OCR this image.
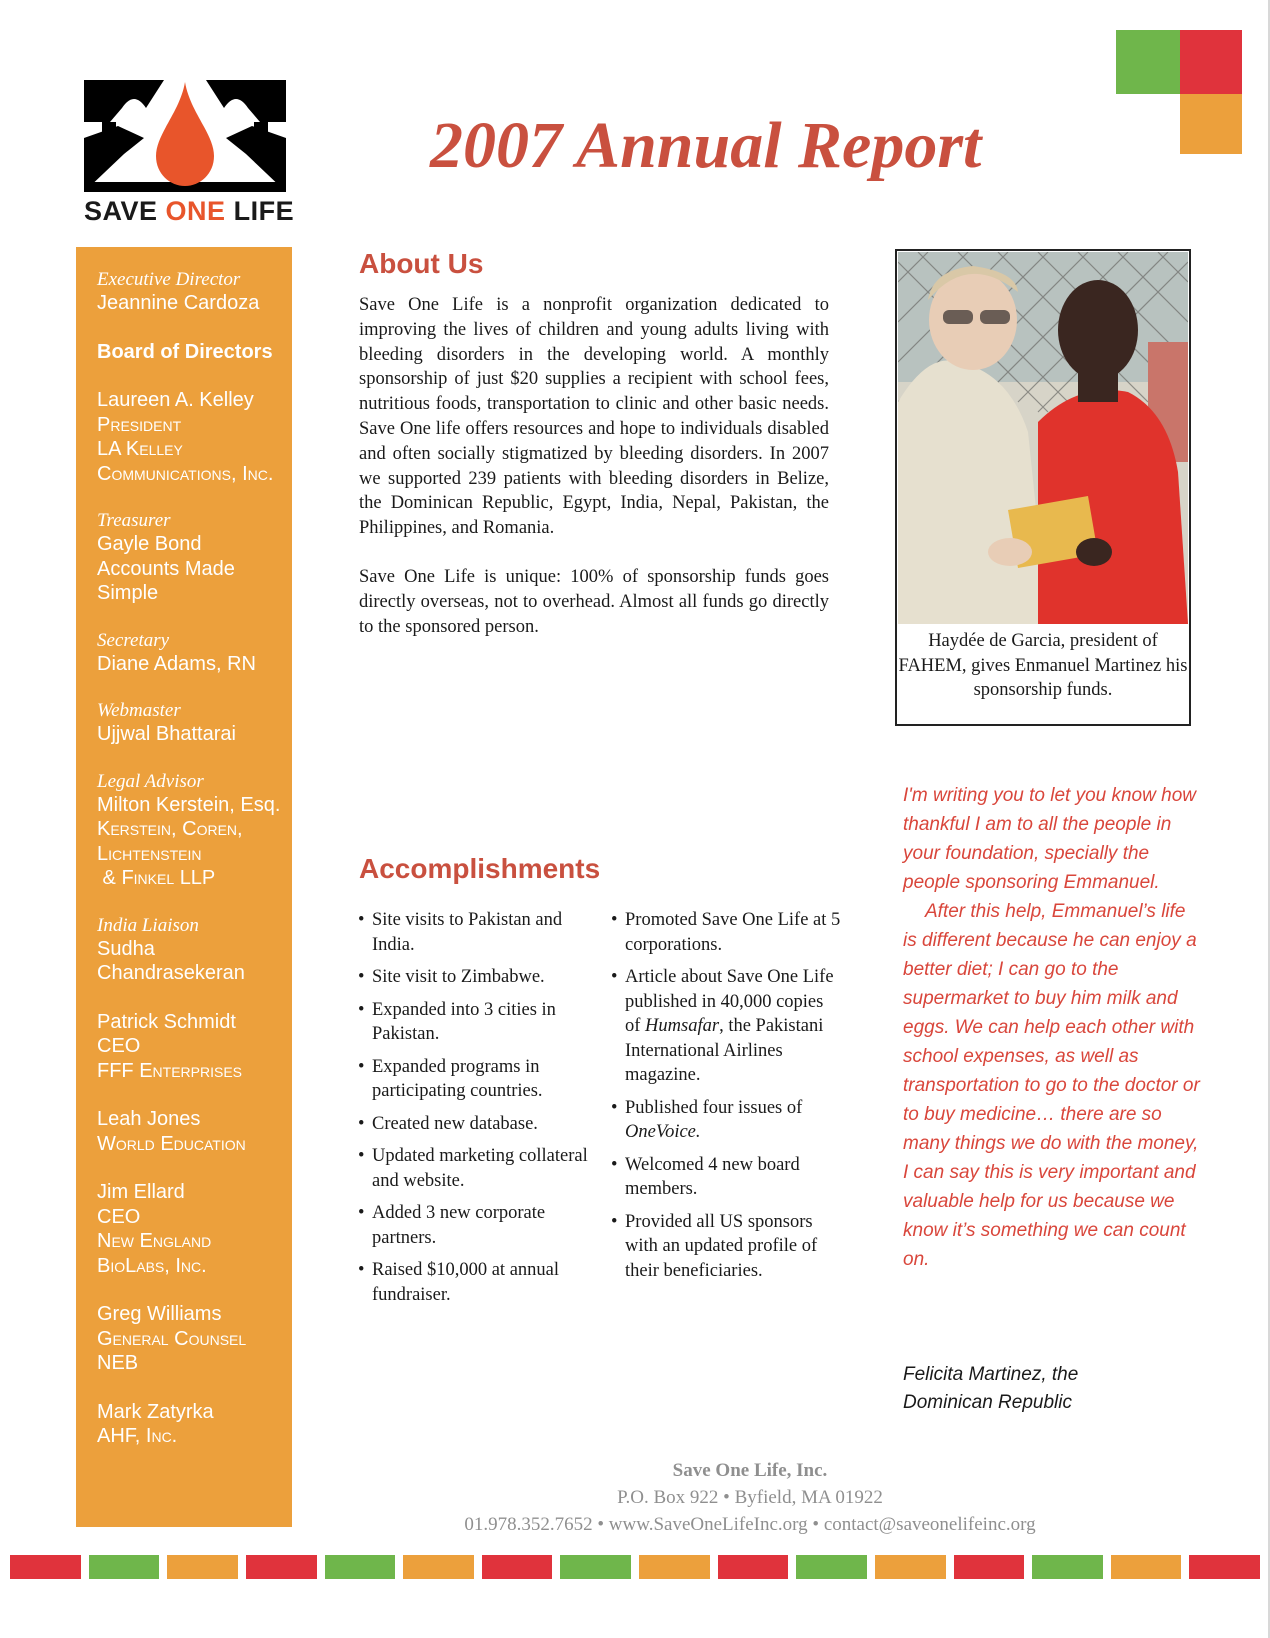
SAVE ONE LIFE
2007 Annual Report
Executive Director
Jeannine Cardoza
Board of Directors
Laureen A. Kelley
President
LA Kelley
Communications, Inc.
Treasurer
Gayle Bond
Accounts Made
Simple
Secretary
Diane Adams, RN
Webmaster
Ujjwal Bhattarai
Legal Advisor
Milton Kerstein, Esq.
Kerstein, Coren,
Lichtenstein
& Finkel LLP
India Liaison
Sudha
Chandrasekeran
Patrick Schmidt
CEO
FFF Enterprises
Leah Jones
World Education
Jim Ellard
CEO
New England
BioLabs, Inc.
Greg Williams
General Counsel
NEB
Mark Zatyrka
AHF, Inc.
About Us

Save One Life is a nonprofit organization dedicated to improving the lives of children and young adults living with bleeding disorders in the developing world. A monthly sponsorship of just $20 supplies a recipient with school fees, nutritious foods, transportation to clinic and other basic needs. Save One life offers resources and hope to individuals disabled and often socially stigmatized by bleeding disorders. In 2007 we supported 239 patients with bleeding disorders in Belize, the Dominican Republic, Egypt, India, Nepal, Pakistan, the Philippines, and Romania.

Save One Life is unique: 100% of sponsorship funds goes directly overseas, not to overhead. Almost all funds go directly to the sponsored person.

Haydée de Garcia, president of FAHEM, gives Enmanuel Martinez his sponsorship funds.
Accomplishments
• Site visits to Pakistan and India.
• Site visit to Zimbabwe.
• Expanded into 3 cities in Pakistan.
• Expanded programs in participating countries.
• Created new database.
• Updated marketing collateral and website.
• Added 3 new corporate partners.
• Raised $10,000 at annual fundraiser.
• Promoted Save One Life at 5 corporations.
• Article about Save One Life published in 40,000 copies of Humsafar, the Pakistani International Airlines magazine.
• Published four issues of OneVoice.
• Welcomed 4 new board members.
• Provided all US sponsors with an updated profile of their beneficiaries.

I'm writing you to let you know how thankful I am to all the people in your foundation, specially the people sponsoring Emmanuel.

After this help, Emmanuel’s life is different because he can enjoy a better diet; I can go to the supermarket to buy him milk and eggs. We can help each other with school expenses, as well as transportation to go to the doctor or to buy medicine… there are so many things we do with the money, I can say this is very important and valuable help for us because we know it’s something we can count on.

Felicita Martinez, the
Dominican Republic
Save One Life, Inc.
P.O. Box 922 • Byfield, MA 01922
01.978.352.7652 • www.SaveOneLifeInc.org • contact@saveonelifeinc.org
